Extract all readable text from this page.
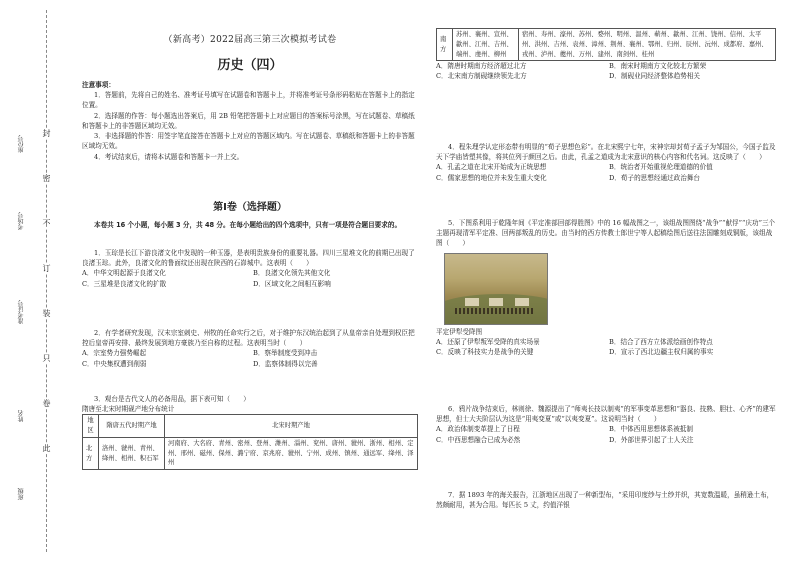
封
密
不
订
装
只
卷
此
座位号
考场号
准考证号
姓名
班级
（新高考）2022届高三第三次模拟考试卷
历史（四）
注意事项：
1．答题前，先将自己的姓名、准考证号填写在试题卷和答题卡上，并将准考证号条形码粘贴在答题卡上的指定位置。
2．选择题的作答：每小题选出答案后，用 2B 铅笔把答题卡上对应题目的答案标号涂黑，写在试题卷、草稿纸和答题卡上的非答题区域均无效。
3．非选择题的作答：用签字笔直接答在答题卡上对应的答题区域内。写在试题卷、草稿纸和答题卡上的非答题区域均无效。
4．考试结束后，请将本试题卷和答题卡一并上交。
第Ⅰ卷（选择题）
本卷共 16 个小题，每小题 3 分，共 48 分。在每小题给出的四个选项中，只有一项是符合题目要求的。
1．玉琮是长江下游良渚文化中发现的一种玉器，是表明贵族身份的重要礼器。四川三星堆文化的前期已出现了良渚玉琮。此外，良渚文化的鲁面纹还出现在陕西的石峁城中。这表明（　　）
A．中华文明起源于良渚文化	B．良渚文化领先其他文化
C．三星堆是良渚文化的扩散	D．区域文化之间相互影响
2．有学者研究发现，汉末宗室刺史、州牧的任命实行之后，对于维护东汉统治起到了从皇帝亲自处理到权臣把控后皇帝再安排、最终发展到地方豪族乃至自称的过程。这表明当时（　　）
A．宗室势力强势崛起	B．察举制度受到冲击
C．中央集权遭到削弱	D．监察体制得以完善
3．观台是古代文人的必备用品，据下表可知（　　）
隋唐至北宋时期砚产地分布统计
地区	隋唐五代时期产地	北宋时期产地
北方	洛州、虢州、青州、绛州、相州、积石军	河南府、大名府、青州、密州、登州、潍州、淄州、兖州、唐州、虢州、浙州、相州、定州、邢州、磁州、保州、潞宁府、京兆府、虢州、宁州、成州、镇州、通远军、绛州、泽州
南方	苏州、襄州、宣州、歙州、江州、吉州、端州、虔州、柳州	宿州、寿州、濠州、苏州、婺州、明州、温州、蕲州、歙州、江州、饶州、信州、太平州、洪州、吉州、袁州、漳州、荆州、襄州、鄂州、归州、辰州、沅州、成都府、嘉州、戎州、泸州、夔州、万州、建州、南剑州、桂州
A．隋唐时期南方经济超过北方	B．南宋时期南方文化较北方繁荣
C．北宋南方制砚继续领先北方	D．制砚业同经济整体趋势相关
4．程朱理学认定形态带有明显的“荀子思想色彩”。在北宋熙宁七年，宋神宗却封荀子孟子为邹国公，今国子监及天下学庙皆塑其像，将其位列于颜回之后。由此，孔孟之道成为北宋意识的核心内容和代名词。这反映了（　　）
A．孔孟之道在北宋开始成为正统思想	B．统治者开始重视伦理道德的价值
C．儒家思想的地位并未发生重大变化	D．荀子的思想经通过政治舞台
5．下图系利用于乾隆年间《平定准部回部得胜图》中的 16 幅战图之一，该组战图图绕“战争”“献俘”“庆功”三个主题再现清军平定准、回两部叛乱的历史。由当时的西方传教士郎世宁等人起稿绘图后送往法国雕刻成铜版，该组战图（　　）
平定伊犁受降图
A．还原了伊犁叛军受降的真实场景	B．结合了西方立体派绘画创作特点
C．反映了科技实力是战争的关键	D．宣示了西北边疆主权归属的事实
6．鸦片战争结束后，林则徐、魏源提出了“师夷长技以制夷”的军事变革思想和“器良、技熟、胆壮、心齐”的建军思想，但士大夫阶层认为这是“用夷变夏”或“以夷变夏”。这说明当时（　　）
A．政治体制变革提上了日程	B．中体西用思想体系被抵制
C．中西思想融合已成为必然	D．外部世界引起了士人关注
7．据 1893 年的海关报告，江浙地区出现了一种新型布，“采用印度纱与土纱并织，其宽数温暖，虽稍逊土布，然颇耐用，甚为合用。每匹长 5 丈，约值洋银
